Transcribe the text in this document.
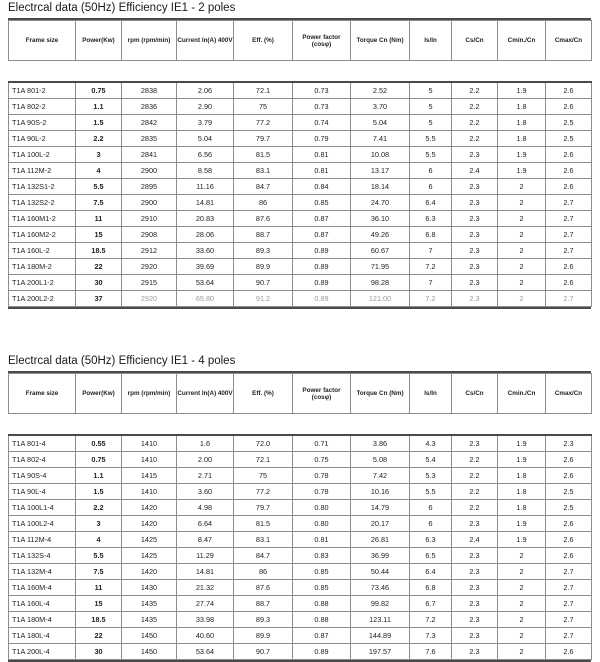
Electrcal data (50Hz) Efficiency IE1 - 2 poles
Frame size	Power(Kw)	rpm (rpm/min)	Current In(A) 400V	Eff. (%)	Power factor (cosφ)	Torque Cn (Nm)	Is/In	Cs/Cn	Cmin./Cn	Cmax/Cn

T1A 801-2	0.75	2838	2.06	72.1	0.73	2.52	5	2.2	1.9	2.6
T1A 802-2	1.1	2836	2.90	75	0.73	3.70	5	2.2	1.8	2.6
T1A 90S-2	1.5	2842	3.79	77.2	0.74	5.04	5	2.2	1.8	2.5
T1A 90L-2	2.2	2835	5.04	79.7	0.79	7.41	5.5	2.2	1.8	2.5
T1A 100L-2	3	2841	6.56	81.5	0.81	10.08	5.5	2.3	1.9	2.6
T1A 112M-2	4	2900	8.58	83.1	0.81	13.17	6	2.4	1.9	2.6
T1A 132S1-2	5.5	2895	11.16	84.7	0.84	18.14	6	2.3	2	2.6
T1A 132S2-2	7.5	2900	14.81	86	0.85	24.70	6.4	2.3	2	2.7
T1A 160M1-2	11	2910	20.83	87.6	0.87	36.10	6.3	2.3	2	2.7
T1A 160M2-2	15	2908	28.06	88.7	0.87	49.26	6.8	2.3	2	2.7
T1A 160L-2	18.5	2912	33.60	89.3	0.89	60.67	7	2.3	2	2.7
T1A 180M-2	22	2920	39.69	89.9	0.89	71.95	7.2	2.3	2	2.6
T1A 200L1-2	30	2915	53.64	90.7	0.89	98.28	7	2.3	2	2.6
T1A 200L2-2	37	2920	65.80	91.2	0.89	121.00	7.2	2.3	2	2.7
Electrcal data (50Hz) Efficiency IE1 - 4 poles
Frame size	Power(Kw)	rpm (rpm/min)	Current In(A) 400V	Eff. (%)	Power factor (cosφ)	Torque Cn (Nm)	Is/In	Cs/Cn	Cmin./Cn	Cmax/Cn

T1A 801-4	0.55	1410	1.6	72.0	0.71	3.86	4.3	2.3	1.9	2.3
T1A 802-4	0.75	1410	2.00	72.1	0.75	5.08	5.4	2.2	1.9	2.6
T1A 90S-4	1.1	1415	2.71	75	0.78	7.42	5.3	2.2	1.8	2.6
T1A 90L-4	1.5	1410	3.60	77.2	0.78	10.16	5.5	2.2	1.8	2.5
T1A 100L1-4	2.2	1420	4.98	79.7	0.80	14.79	6	2.2	1.8	2.5
T1A 100L2-4	3	1420	6.64	81.5	0.80	20.17	6	2.3	1.9	2.6
T1A 112M-4	4	1425	8.47	83.1	0.81	26.81	6.3	2.4	1.9	2.6
T1A 132S-4	5.5	1425	11.29	84.7	0.83	36.99	6.5	2.3	2	2.6
T1A 132M-4	7.5	1420	14.81	86	0.85	50.44	6.4	2.3	2	2.7
T1A 160M-4	11	1430	21.32	87.6	0.85	73.46	6.8	2.3	2	2.7
T1A 160L-4	15	1435	27.74	88.7	0.88	99.82	6.7	2.3	2	2.7
T1A 180M-4	18.5	1435	33.98	89.3	0.88	123.11	7.2	2.3	2	2.7
T1A 180L-4	22	1450	40.60	89.9	0.87	144.89	7.3	2.3	2	2.7
T1A 200L-4	30	1450	53.64	90.7	0.89	197.57	7.6	2.3	2	2.6
